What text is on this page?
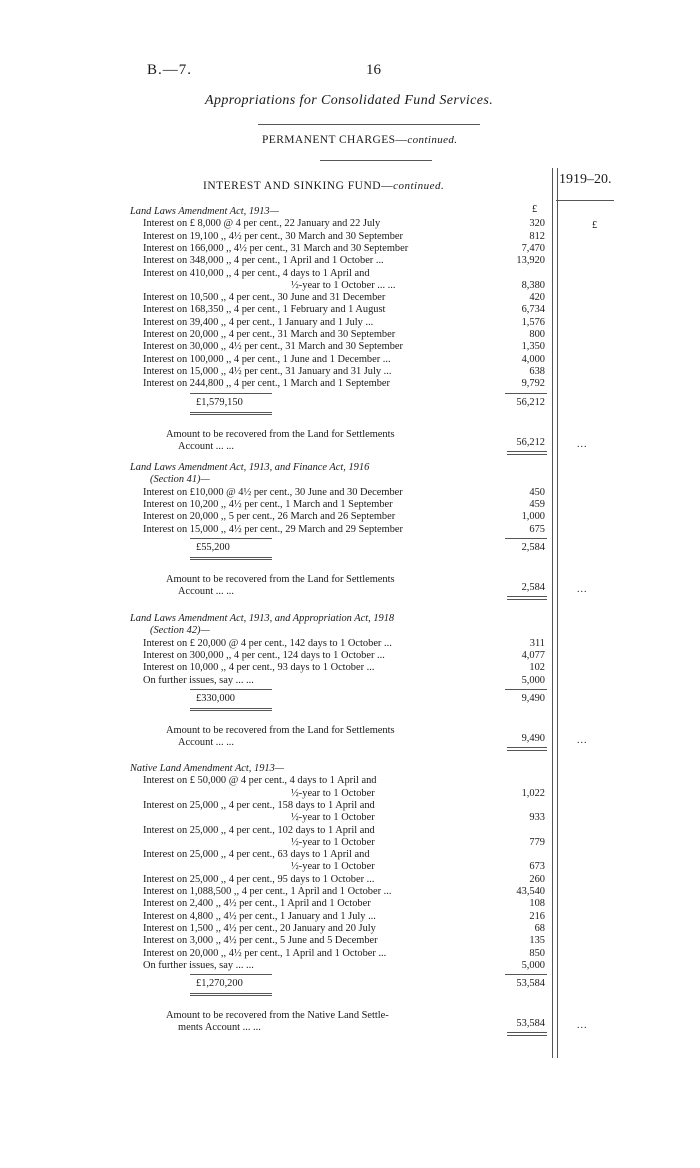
B.—7.	16
Appropriations for Consolidated Fund Services.
PERMANENT CHARGES—continued.
INTEREST AND SINKING FUND—continued.	1919–20.
£
£
Land Laws Amendment Act, 1913—
Interest on £ 8,000 @ 4 per cent., 22 January and 22 July	320
Interest on 19,100 ,, 4½ per cent., 30 March and 30 September	812
Interest on 166,000 ,, 4½ per cent., 31 March and 30 September	7,470
Interest on 348,000 ,, 4 per cent., 1 April and 1 October ...	13,920
Interest on 410,000 ,, 4 per cent., 4 days to 1 April and
½-year to 1 October ... ...	8,380
Interest on 10,500 ,, 4 per cent., 30 June and 31 December	420
Interest on 168,350 ,, 4 per cent., 1 February and 1 August	6,734
Interest on 39,400 ,, 4 per cent., 1 January and 1 July ...	1,576
Interest on 20,000 ,, 4 per cent., 31 March and 30 September	800
Interest on 30,000 ,, 4½ per cent., 31 March and 30 September	1,350
Interest on 100,000 ,, 4 per cent., 1 June and 1 December ...	4,000
Interest on 15,000 ,, 4½ per cent., 31 January and 31 July ...	638
Interest on 244,800 ,, 4 per cent., 1 March and 1 September	9,792
£1,579,150	56,212
Amount to be recovered from the Land for Settlements
Account ... ...	56,212	...
Land Laws Amendment Act, 1913, and Finance Act, 1916
(Section 41)—
Interest on £10,000 @ 4½ per cent., 30 June and 30 December	450
Interest on 10,200 ,, 4½ per cent., 1 March and 1 September	459
Interest on 20,000 ,, 5 per cent., 26 March and 26 September	1,000
Interest on 15,000 ,, 4½ per cent., 29 March and 29 September	675
£55,200	2,584
Amount to be recovered from the Land for Settlements
Account ... ...	2,584	...
Land Laws Amendment Act, 1913, and Appropriation Act, 1918
(Section 42)—
Interest on £ 20,000 @ 4 per cent., 142 days to 1 October ...	311
Interest on 300,000 ,, 4 per cent., 124 days to 1 October ...	4,077
Interest on 10,000 ,, 4 per cent., 93 days to 1 October ...	102
On further issues, say ... ...	5,000
£330,000	9,490
Amount to be recovered from the Land for Settlements
Account ... ...	9,490	...
Native Land Amendment Act, 1913—
Interest on £ 50,000 @ 4 per cent., 4 days to 1 April and
½-year to 1 October	1,022
Interest on 25,000 ,, 4 per cent., 158 days to 1 April and
½-year to 1 October	933
Interest on 25,000 ,, 4 per cent., 102 days to 1 April and
½-year to 1 October	779
Interest on 25,000 ,, 4 per cent., 63 days to 1 April and
½-year to 1 October	673
Interest on 25,000 ,, 4 per cent., 95 days to 1 October ...	260
Interest on 1,088,500 ,, 4 per cent., 1 April and 1 October ...	43,540
Interest on 2,400 ,, 4½ per cent., 1 April and 1 October	108
Interest on 4,800 ,, 4½ per cent., 1 January and 1 July ...	216
Interest on 1,500 ,, 4½ per cent., 20 January and 20 July	68
Interest on 3,000 ,, 4½ per cent., 5 June and 5 December	135
Interest on 20,000 ,, 4½ per cent., 1 April and 1 October ...	850
On further issues, say ... ...	5,000
£1,270,200	53,584
Amount to be recovered from the Native Land Settle-
ments Account ... ...	53,584	...
